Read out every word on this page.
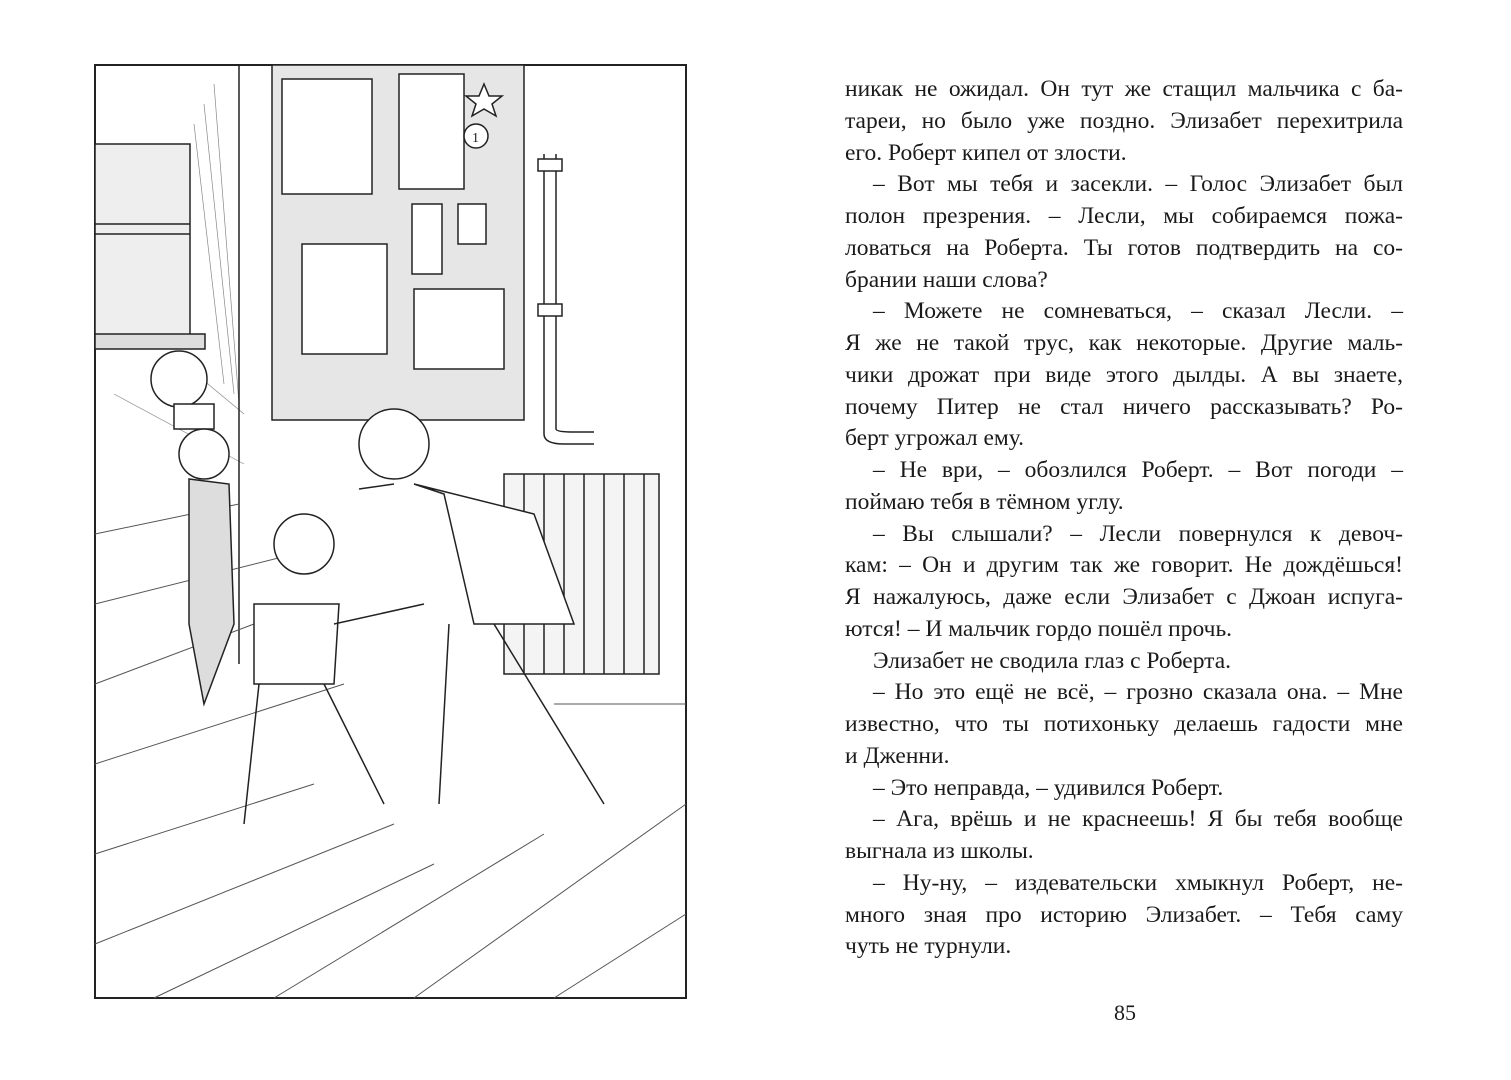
1
никак не ожидал. Он тут же стащил мальчика с ба-
тареи, но было уже поздно. Элизабет перехитрила
его. Роберт кипел от злости.
– Вот мы тебя и засекли. – Голос Элизабет был
полон презрения. – Лесли, мы собираемся пожа-
ловаться на Роберта. Ты готов подтвердить на со-
брании наши слова?
– Можете не сомневаться, – сказал Лесли. –
Я же не такой трус, как некоторые. Другие маль-
чики дрожат при виде этого дылды. А вы знаете,
почему Питер не стал ничего рассказывать? Ро-
берт угрожал ему.
– Не ври, – обозлился Роберт. – Вот погоди –
поймаю тебя в тёмном углу.
– Вы слышали? – Лесли повернулся к девоч-
кам: – Он и другим так же говорит. Не дождёшься!
Я нажалуюсь, даже если Элизабет с Джоан испуга-
ются! – И мальчик гордо пошёл прочь.
Элизабет не сводила глаз с Роберта.
– Но это ещё не всё, – грозно сказала она. – Мне
известно, что ты потихоньку делаешь гадости мне
и Дженни.
– Это неправда, – удивился Роберт.
– Ага, врёшь и не краснеешь! Я бы тебя вообще
выгнала из школы.
– Ну-ну, – издевательски хмыкнул Роберт, не-
много зная про историю Элизабет. – Тебя саму
чуть не турнули.
85
